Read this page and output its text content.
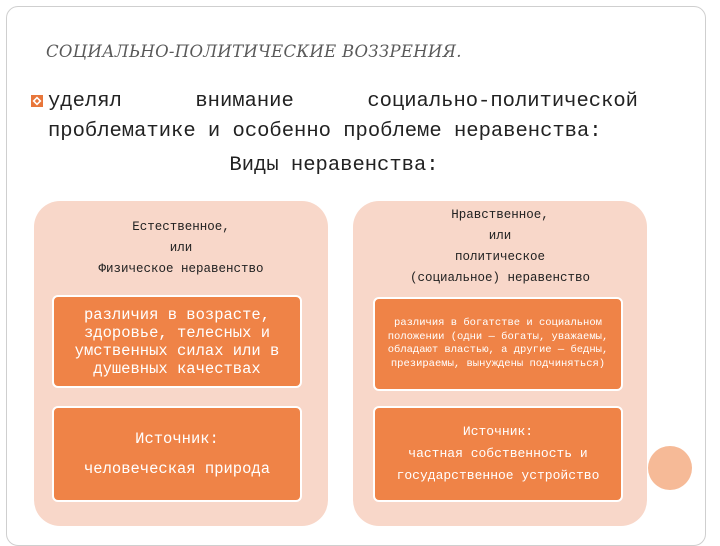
СОЦИАЛЬНО-ПОЛИТИЧЕСКИЕ ВОЗЗРЕНИЯ.
уделял	внимание	социально-политической
проблематике и особенно проблеме неравенства:
Виды неравенства:
Естественное,
или
Физическое неравенство
различия в возрасте, здоровье, телесных и умственных силах или в душевных качествах
Источник:
человеческая природа
Нравственное,
или
политическое
(социальное) неравенство
различия в богатстве и социальном положении (одни — богаты, уважаемы, обладают властью, а другие — бедны, презираемы, вынуждены подчиняться)
Источник:
частная собственность и государственное устройство
